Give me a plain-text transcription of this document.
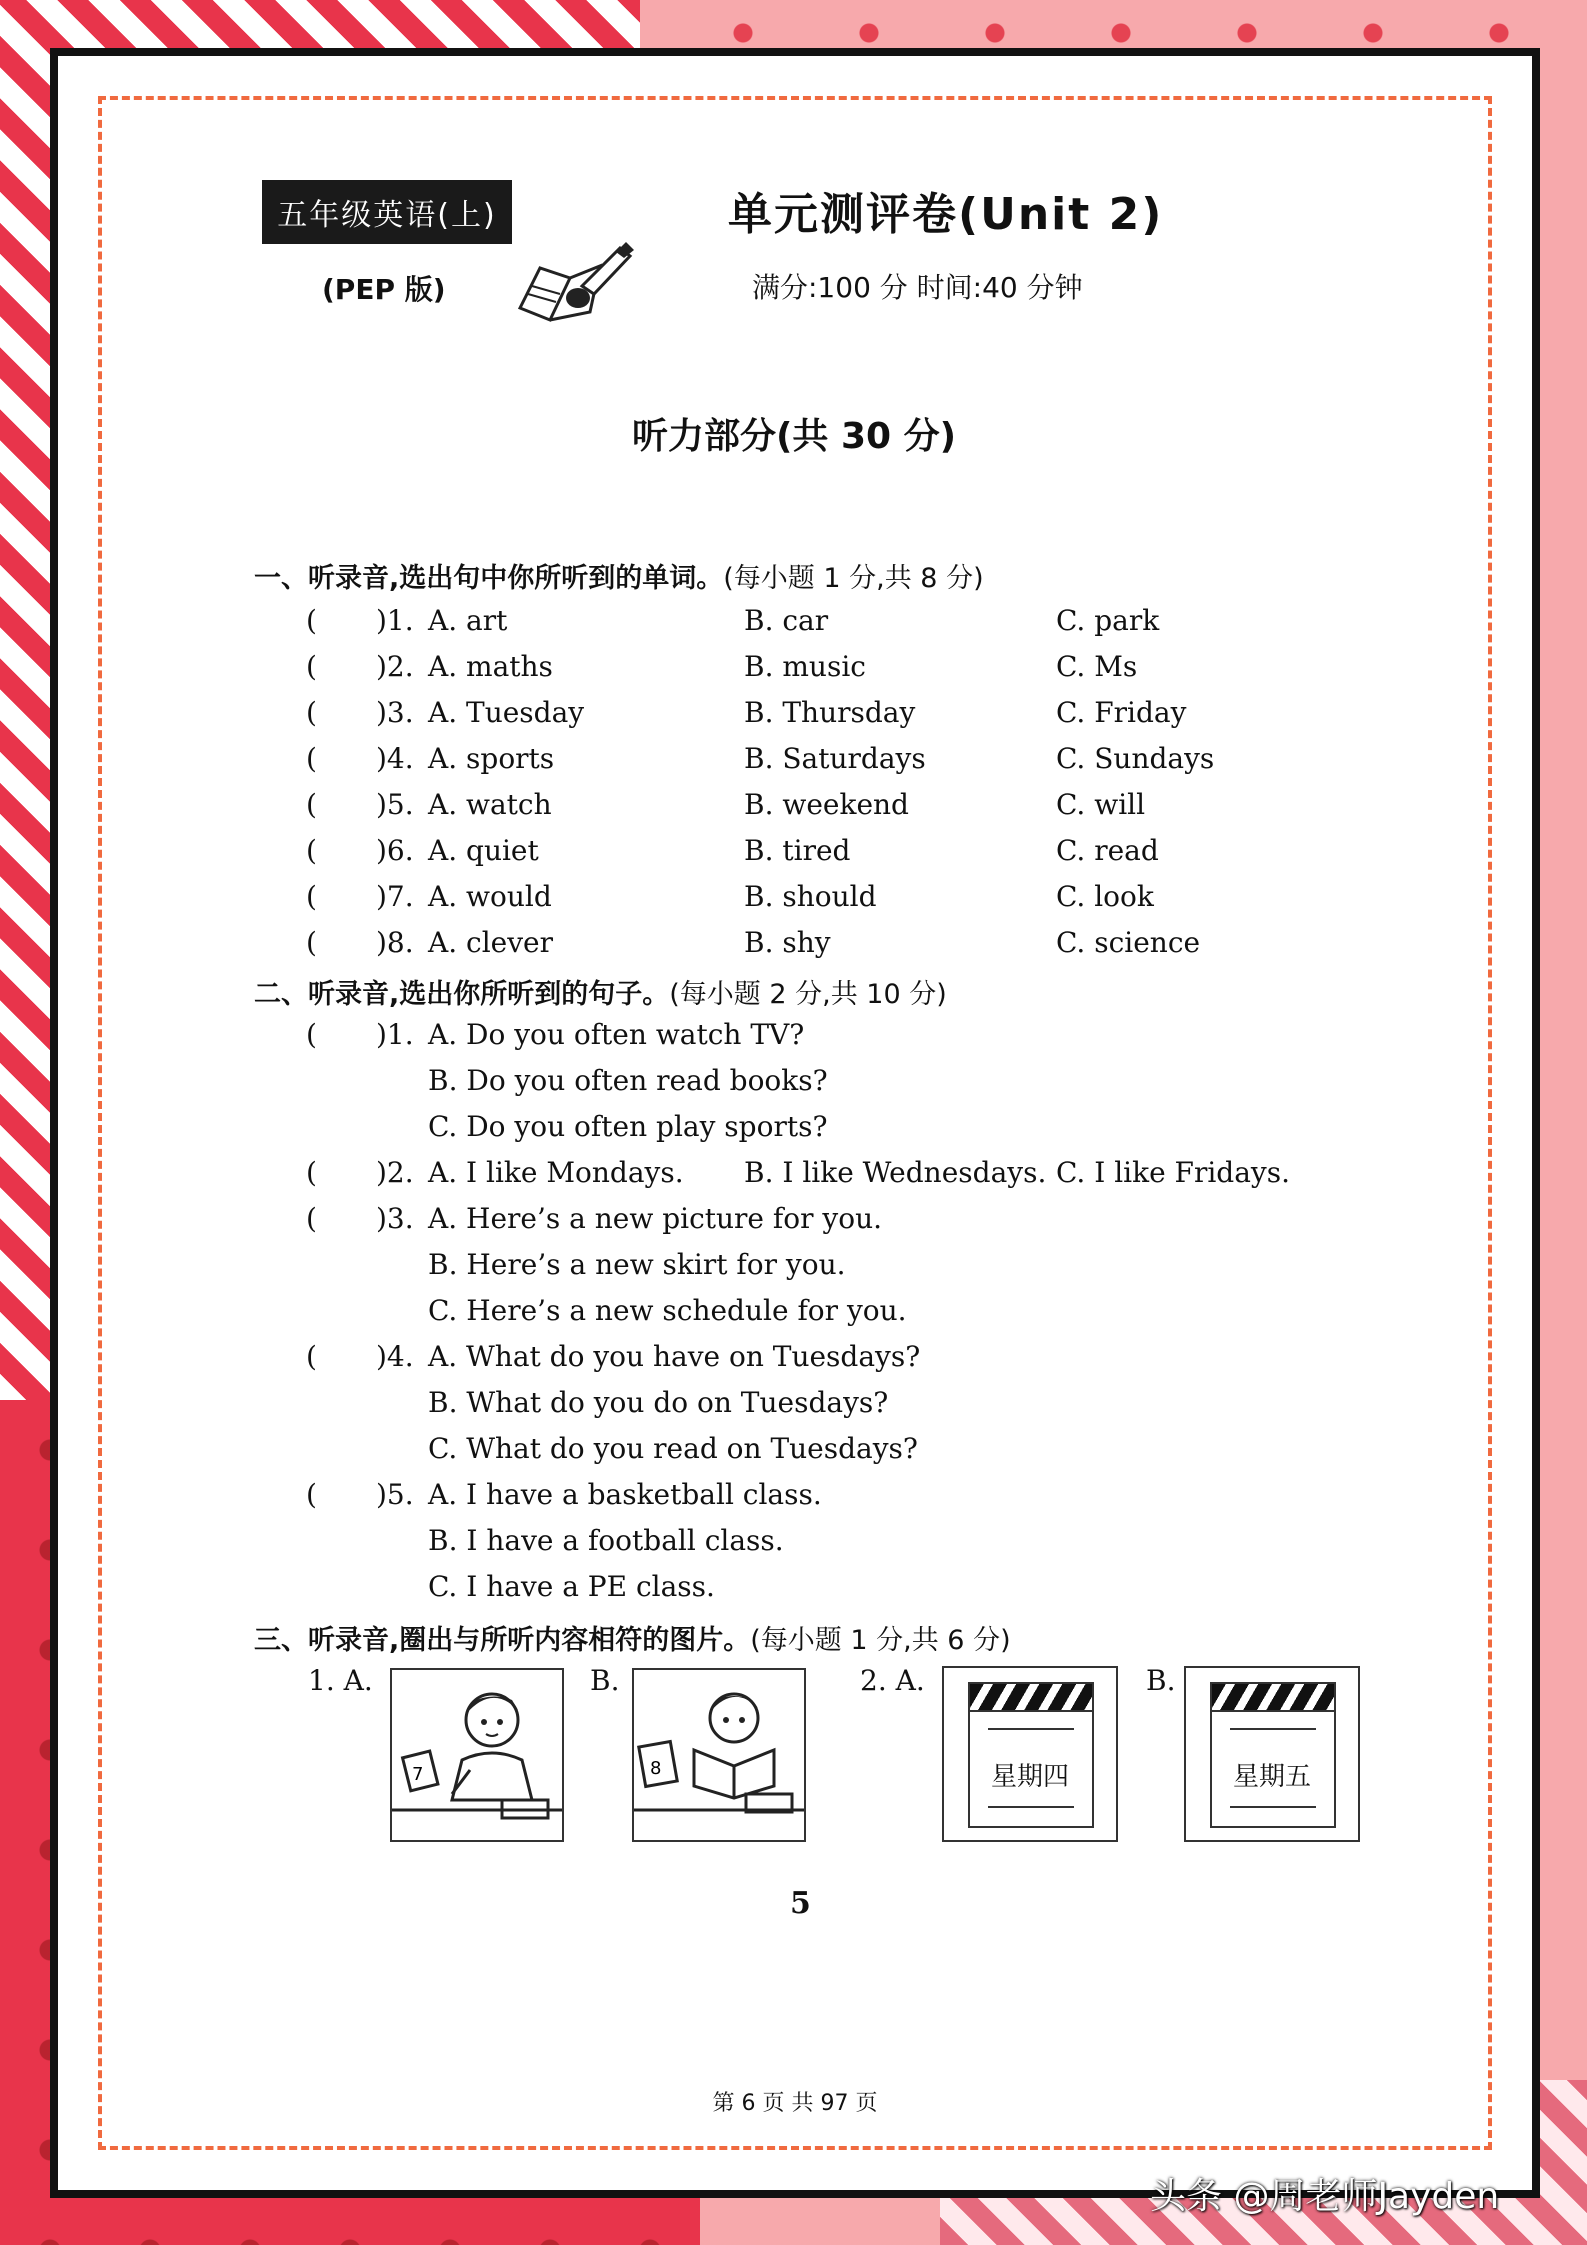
五年级英语(上)
(PEP 版)
单元测评卷(Unit 2)
满分:100 分 时间:40 分钟
听力部分(共 30 分)
一、听录音,选出句中你所听到的单词。(每小题 1 分,共 8 分)
( )1. A. art	B. car	C. park
( )2. A. maths	B. music	C. Ms
( )3. A. Tuesday	B. Thursday	C. Friday
( )4. A. sports	B. Saturdays	C. Sundays
( )5. A. watch	B. weekend	C. will
( )6. A. quiet	B. tired	C. read
( )7. A. would	B. should	C. look
( )8. A. clever	B. shy	C. science
二、听录音,选出你所听到的句子。(每小题 2 分,共 10 分)
( )1. A. Do you often watch TV?
B. Do you often read books?
C. Do you often play sports?
( )2. A. I like Mondays. B. I like Wednesdays. C. I like Fridays.
( )3. A. Here’s a new picture for you.
B. Here’s a new skirt for you.
C. Here’s a new schedule for you.
( )4. A. What do you have on Tuesdays?
B. What do you do on Tuesdays?
C. What do you read on Tuesdays?
( )5. A. I have a basketball class.
B. I have a football class.
C. I have a PE class.
三、听录音,圈出与所听内容相符的图片。(每小题 1 分,共 6 分)
1. A.
7
B.
8
2. A.
星期四
B.
星期五
5
第 6 页 共 97 页
头条 @周老师Jayden
